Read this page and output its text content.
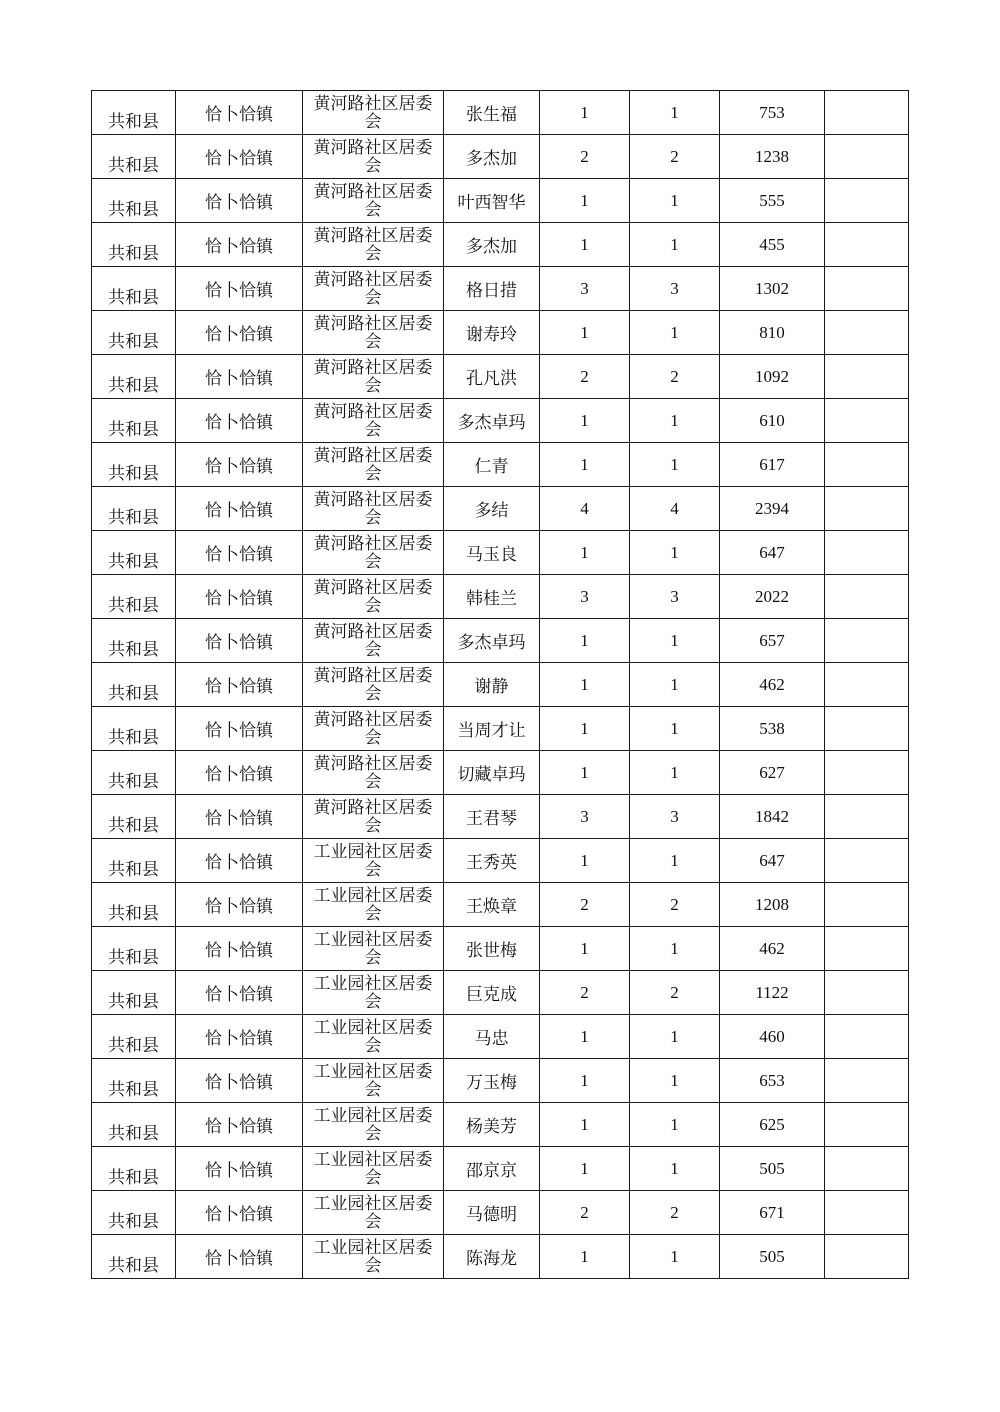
共和县	恰卜恰镇	黄河路社区居委会	张生福	1	1	753	

共和县	恰卜恰镇	黄河路社区居委会	多杰加	2	2	1238	

共和县	恰卜恰镇	黄河路社区居委会	叶西智华	1	1	555	

共和县	恰卜恰镇	黄河路社区居委会	多杰加	1	1	455	

共和县	恰卜恰镇	黄河路社区居委会	格日措	3	3	1302	

共和县	恰卜恰镇	黄河路社区居委会	谢寿玲	1	1	810	

共和县	恰卜恰镇	黄河路社区居委会	孔凡洪	2	2	1092	

共和县	恰卜恰镇	黄河路社区居委会	多杰卓玛	1	1	610	

共和县	恰卜恰镇	黄河路社区居委会	仁青	1	1	617	

共和县	恰卜恰镇	黄河路社区居委会	多结	4	4	2394	

共和县	恰卜恰镇	黄河路社区居委会	马玉良	1	1	647	

共和县	恰卜恰镇	黄河路社区居委会	韩桂兰	3	3	2022	

共和县	恰卜恰镇	黄河路社区居委会	多杰卓玛	1	1	657	

共和县	恰卜恰镇	黄河路社区居委会	谢静	1	1	462	

共和县	恰卜恰镇	黄河路社区居委会	当周才让	1	1	538	

共和县	恰卜恰镇	黄河路社区居委会	切藏卓玛	1	1	627	

共和县	恰卜恰镇	黄河路社区居委会	王君琴	3	3	1842	

共和县	恰卜恰镇	工业园社区居委会	王秀英	1	1	647	

共和县	恰卜恰镇	工业园社区居委会	王焕章	2	2	1208	

共和县	恰卜恰镇	工业园社区居委会	张世梅	1	1	462	

共和县	恰卜恰镇	工业园社区居委会	巨克成	2	2	1122	

共和县	恰卜恰镇	工业园社区居委会	马忠	1	1	460	

共和县	恰卜恰镇	工业园社区居委会	万玉梅	1	1	653	

共和县	恰卜恰镇	工业园社区居委会	杨美芳	1	1	625	

共和县	恰卜恰镇	工业园社区居委会	邵京京	1	1	505	

共和县	恰卜恰镇	工业园社区居委会	马德明	2	2	671	

共和县	恰卜恰镇	工业园社区居委会	陈海龙	1	1	505	
